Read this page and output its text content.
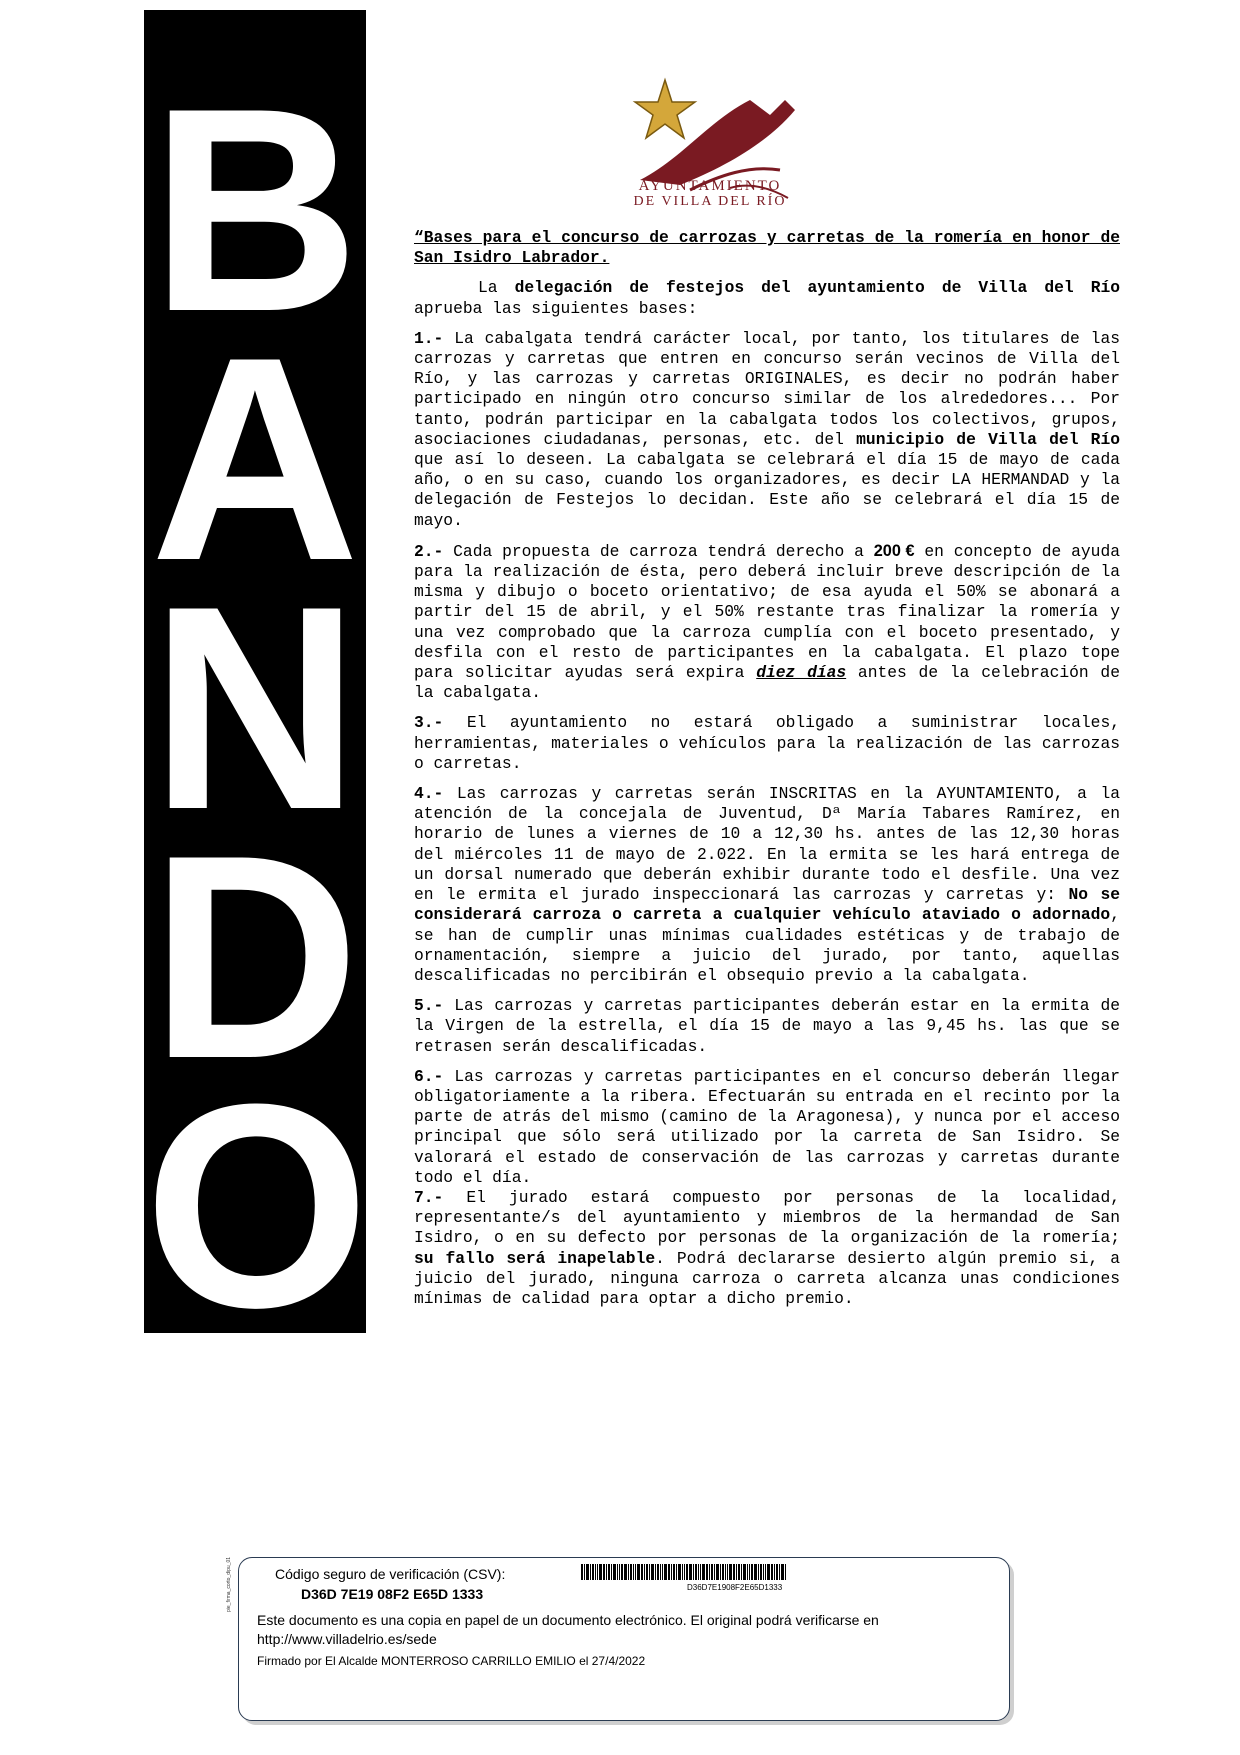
B
A
N
D
O
AYUNTAMIENTO
DE VILLA DEL RÍO

“Bases para el concurso de carrozas y carretas de la romería en honor de San Isidro Labrador.

La delegación de festejos del ayuntamiento de Villa del Río aprueba las siguientes bases:

1.- La cabalgata tendrá carácter local, por tanto, los titulares de las carrozas y carretas que entren en concurso serán vecinos de Villa del Río, y las carrozas y carretas ORIGINALES, es decir no podrán haber participado en ningún otro concurso similar de los alrededores... Por tanto, podrán participar en la cabalgata todos los colectivos, grupos, asociaciones ciudadanas, personas, etc. del municipio de Villa del Río que así lo deseen. La cabalgata se celebrará el día 15 de mayo de cada año, o en su caso, cuando los organizadores, es decir LA HERMANDAD y la delegación de Festejos lo decidan. Este año se celebrará el día 15 de mayo.

2.- Cada propuesta de carroza tendrá derecho a 200 € en concepto de ayuda para la realización de ésta, pero deberá incluir breve descripción de la misma y dibujo o boceto orientativo; de esa ayuda el 50% se abonará a partir del 15 de abril, y el 50% restante tras finalizar la romería y una vez comprobado que la carroza cumplía con el boceto presentado, y desfila con el resto de participantes en la cabalgata. El plazo tope para solicitar ayudas será expira diez días antes de la celebración de la cabalgata.

3.- El ayuntamiento no estará obligado a suministrar locales, herramientas, materiales o vehículos para la realización de las carrozas o carretas.

4.- Las carrozas y carretas serán INSCRITAS en la AYUNTAMIENTO, a la atención de la concejala de Juventud, Dª María Tabares Ramírez, en horario de lunes a viernes de 10 a 12,30 hs. antes de las 12,30 horas del miércoles 11 de mayo de 2.022. En la ermita se les hará entrega de un dorsal numerado que deberán exhibir durante todo el desfile. Una vez en le ermita el jurado inspeccionará las carrozas y carretas y: No se considerará carroza o carreta a cualquier vehículo ataviado o adornado, se han de cumplir unas mínimas cualidades estéticas y de trabajo de ornamentación, siempre a juicio del jurado, por tanto, aquellas descalificadas no percibirán el obsequio previo a la cabalgata.

5.- Las carrozas y carretas participantes deberán estar en la ermita de la Virgen de la estrella, el día 15 de mayo a las 9,45 hs. las que se retrasen serán descalificadas.

6.- Las carrozas y carretas participantes en el concurso deberán llegar obligatoriamente a la ribera. Efectuarán su entrada en el recinto por la parte de atrás del mismo (camino de la Aragonesa), y nunca por el acceso principal que sólo será utilizado por la carreta de San Isidro. Se valorará el estado de conservación de las carrozas y carretas durante todo el día.

7.- El jurado estará compuesto por personas de la localidad, representante/s del ayuntamiento y miembros de la hermandad de San Isidro, o en su defecto por personas de la organización de la romería; su fallo será inapelable. Podrá declararse desierto algún premio si, a juicio del jurado, ninguna carroza o carreta alcanza unas condiciones mínimas de calidad para optar a dicho premio.

pie_firma_corto_dipu_01	Código seguro de verificación (CSV):
D36D 7E19 08F2 E65D 1333	D36D7E1908F2E65D1333
Este documento es una copia en papel de un documento electrónico. El original podrá verificarse en
http://www.villadelrio.es/sede
Firmado por El Alcalde MONTERROSO CARRILLO EMILIO el 27/4/2022
